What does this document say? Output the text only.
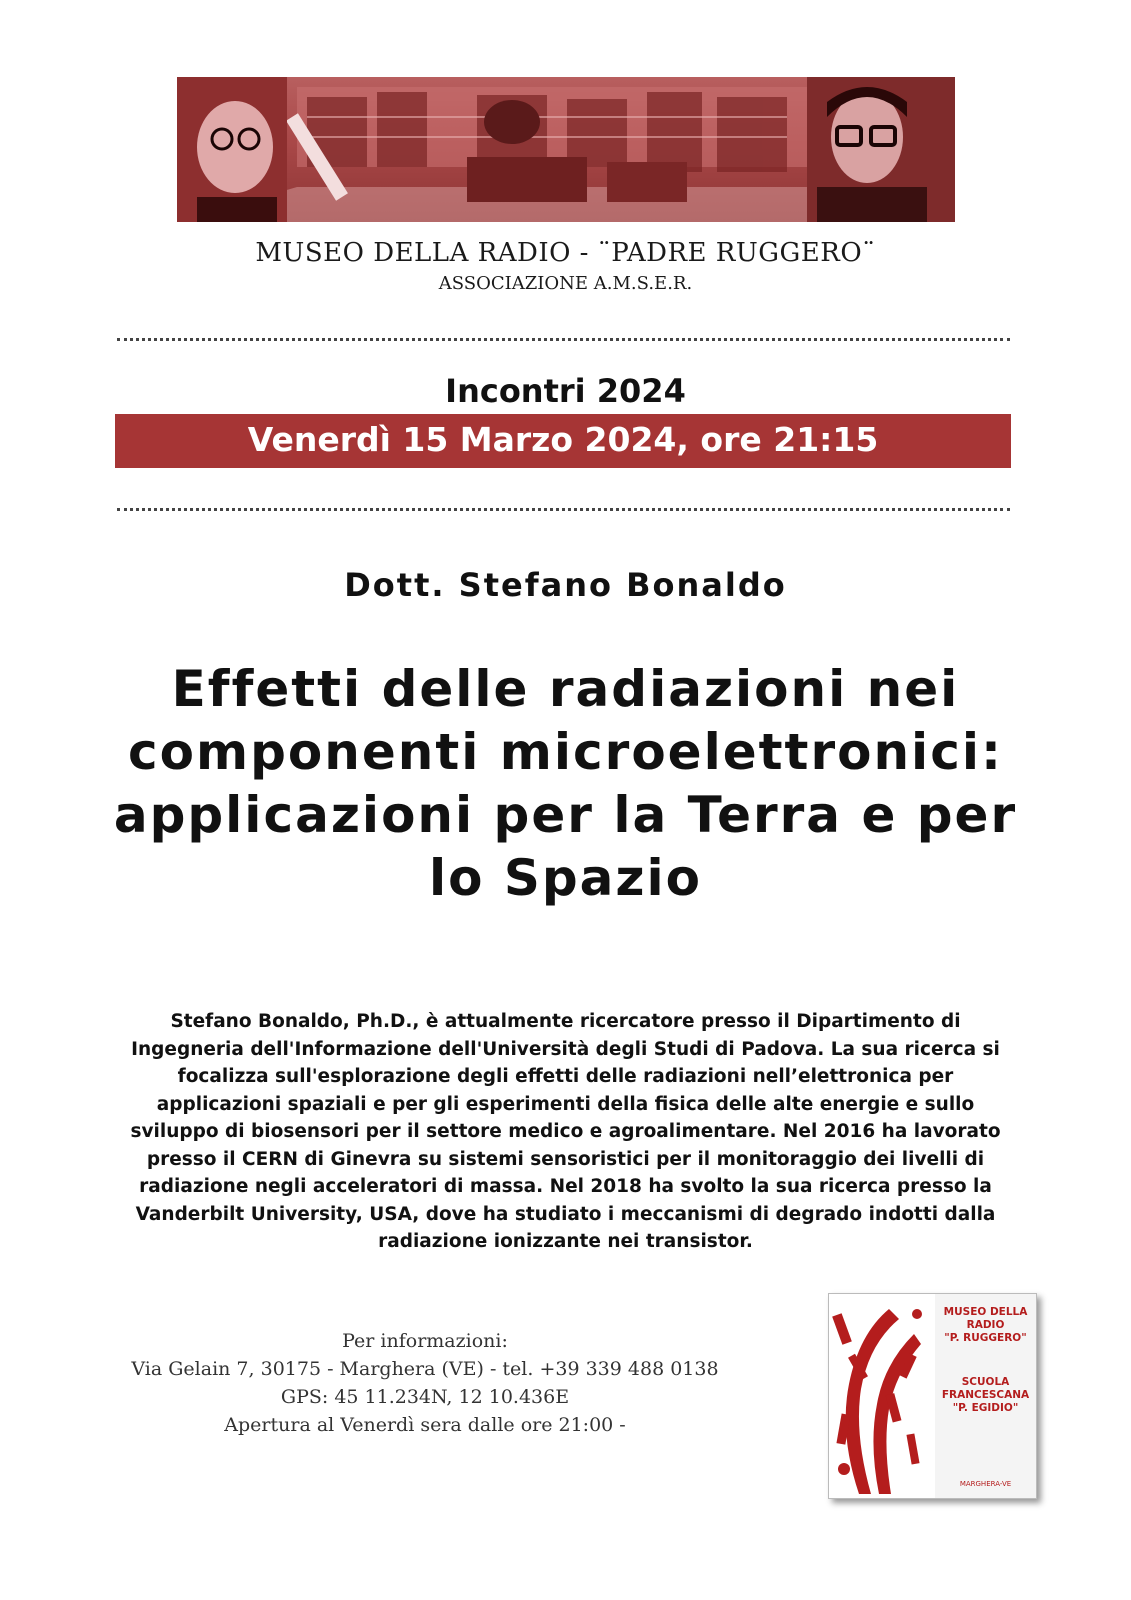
MUSEO DELLA RADIO - ¨PADRE RUGGERO¨
ASSOCIAZIONE A.M.S.E.R.
Incontri 2024
Venerdì 15 Marzo 2024, ore 21:15
Dott. Stefano Bonaldo
Effetti delle radiazioni nei
componenti microelettronici:
applicazioni per la Terra e per
lo Spazio
Stefano Bonaldo, Ph.D., è attualmente ricercatore presso il Dipartimento di
Ingegneria dell'Informazione dell'Università degli Studi di Padova. La sua ricerca si
focalizza sull'esplorazione degli effetti delle radiazioni nell’elettronica per
applicazioni spaziali e per gli esperimenti della fisica delle alte energie e sullo
sviluppo di biosensori per il settore medico e agroalimentare. Nel 2016 ha lavorato
presso il CERN di Ginevra su sistemi sensoristici per il monitoraggio dei livelli di
radiazione negli acceleratori di massa. Nel 2018 ha svolto la sua ricerca presso la
Vanderbilt University, USA, dove ha studiato i meccanismi di degrado indotti dalla
radiazione ionizzante nei transistor.
Per informazioni:
Via Gelain 7, 30175 - Marghera (VE) - tel. +39 339 488 0138
GPS: 45 11.234N, 12 10.436E
Apertura al Venerdì sera dalle ore 21:00 -
MUSEO DELLA
RADIO
"P. RUGGERO"
SCUOLA
FRANCESCANA
"P. EGIDIO"
MARGHERA-VE
